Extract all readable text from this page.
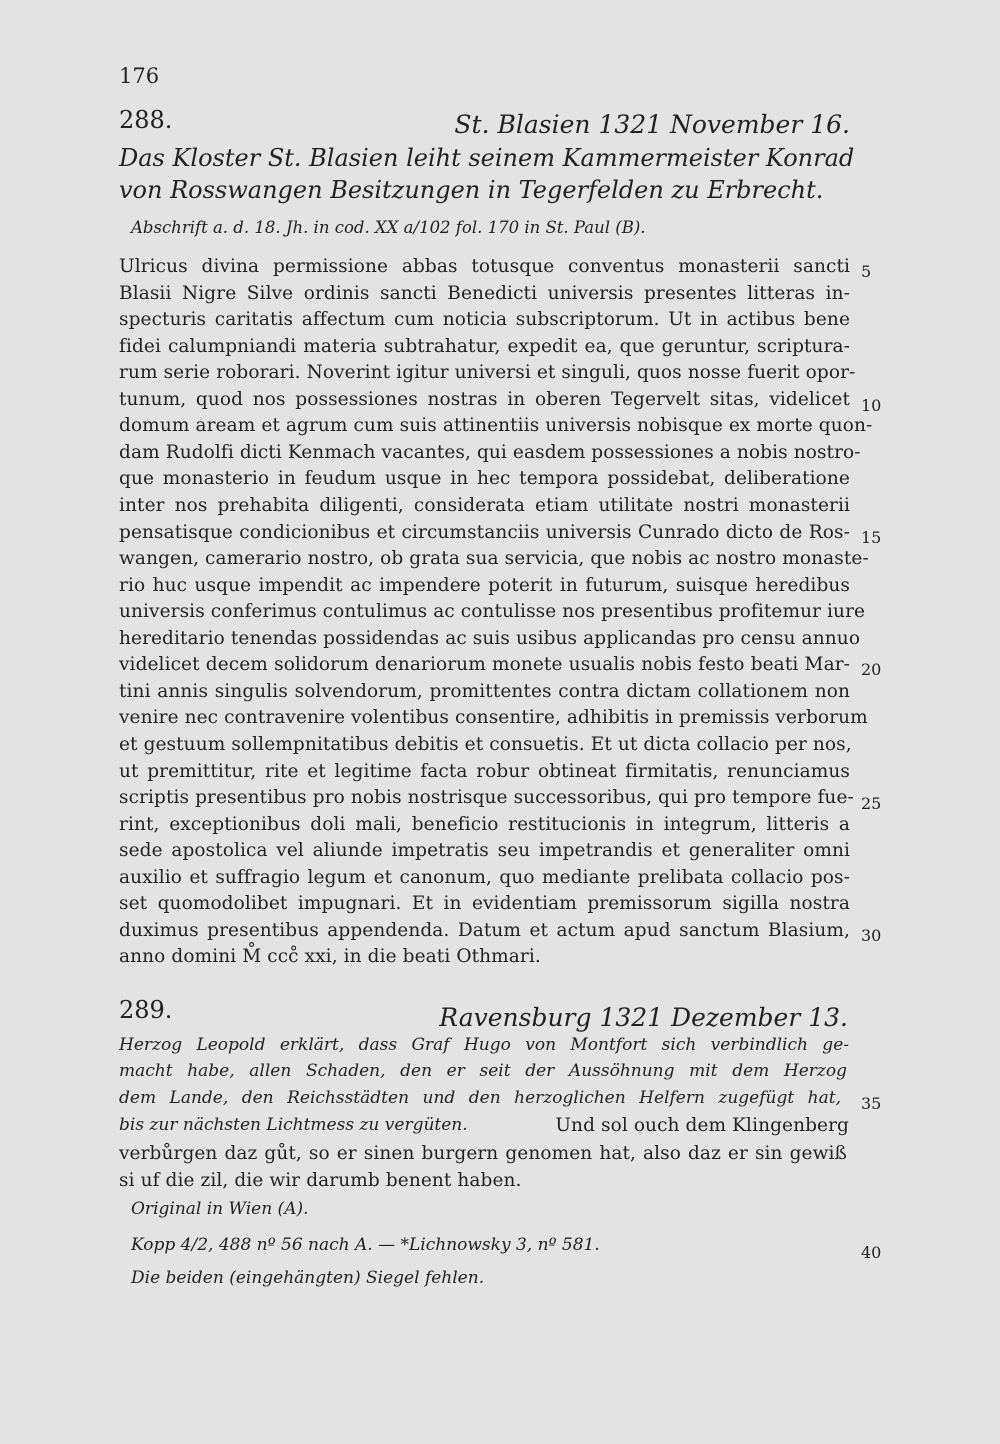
176
288.	St. Blasien 1321 November 16.
Das Kloster St. Blasien leiht seinem Kammermeister Konrad
von Rosswangen Besitzungen in Tegerfelden zu Erbrecht.
Abschrift a. d. 18. Jh. in cod. XX a/102 fol. 170 in St. Paul (B).
Ulricus divina permissione abbas totusque conventus monasterii sancti
Blasii Nigre Silve ordinis sancti Benedicti universis presentes litteras in-
specturis caritatis affectum cum noticia subscriptorum. Ut in actibus bene
fidei calumpniandi materia subtrahatur, expedit ea, que geruntur, scriptura-
rum serie roborari. Noverint igitur universi et singuli, quos nosse fuerit opor-
tunum, quod nos possessiones nostras in oberen Tegervelt sitas, videlicet
domum aream et agrum cum suis attinentiis universis nobisque ex morte quon-
dam Rudolfi dicti Kenmach vacantes, qui easdem possessiones a nobis nostro-
que monasterio in feudum usque in hec tempora possidebat, deliberatione
inter nos prehabita diligenti, considerata etiam utilitate nostri monasterii
pensatisque condicionibus et circumstanciis universis Cunrado dicto de Ros-
wangen, camerario nostro, ob grata sua servicia, que nobis ac nostro monaste-
rio huc usque impendit ac impendere poterit in futurum, suisque heredibus
universis conferimus contulimus ac contulisse nos presentibus profitemur iure
hereditario tenendas possidendas ac suis usibus applicandas pro censu annuo
videlicet decem solidorum denariorum monete usualis nobis festo beati Mar-
tini annis singulis solvendorum, promittentes contra dictam collationem non
venire nec contravenire volentibus consentire, adhibitis in premissis verborum
et gestuum sollempnitatibus debitis et consuetis. Et ut dicta collacio per nos,
ut premittitur, rite et legitime facta robur obtineat firmitatis, renunciamus
scriptis presentibus pro nobis nostrisque successoribus, qui pro tempore fue-
rint, exceptionibus doli mali, beneficio restitucionis in integrum, litteris a
sede apostolica vel aliunde impetratis seu impetrandis et generaliter omni
auxilio et suffragio legum et canonum, quo mediante prelibata collacio pos-
set quomodolibet impugnari. Et in evidentiam premissorum sigilla nostra
duximus presentibus appendenda. Datum et actum apud sanctum Blasium,
anno domini M̊ ccc̊ xxi, in die beati Othmari.
289.	Ravensburg 1321 Dezember 13.
Herzog Leopold erklärt, dass Graf Hugo von Montfort sich verbindlich ge-
macht habe, allen Schaden, den er seit der Aussöhnung mit dem Herzog
dem Lande, den Reichsstädten und den herzoglichen Helfern zugefügt hat,
bis zur nächsten Lichtmess zu vergüten.	Und sol ouch dem Klingenberg
verbůrgen daz gůt, so er sinen burgern genomen hat, also daz er sin gewiß
si uf die zil, die wir darumb benent haben.
Original in Wien (A).
Kopp 4/2, 488 nº 56 nach A. — *Lichnowsky 3, nº 581.
Die beiden (eingehängten) Siegel fehlen.
5
10
15
20
25
30
35
40
